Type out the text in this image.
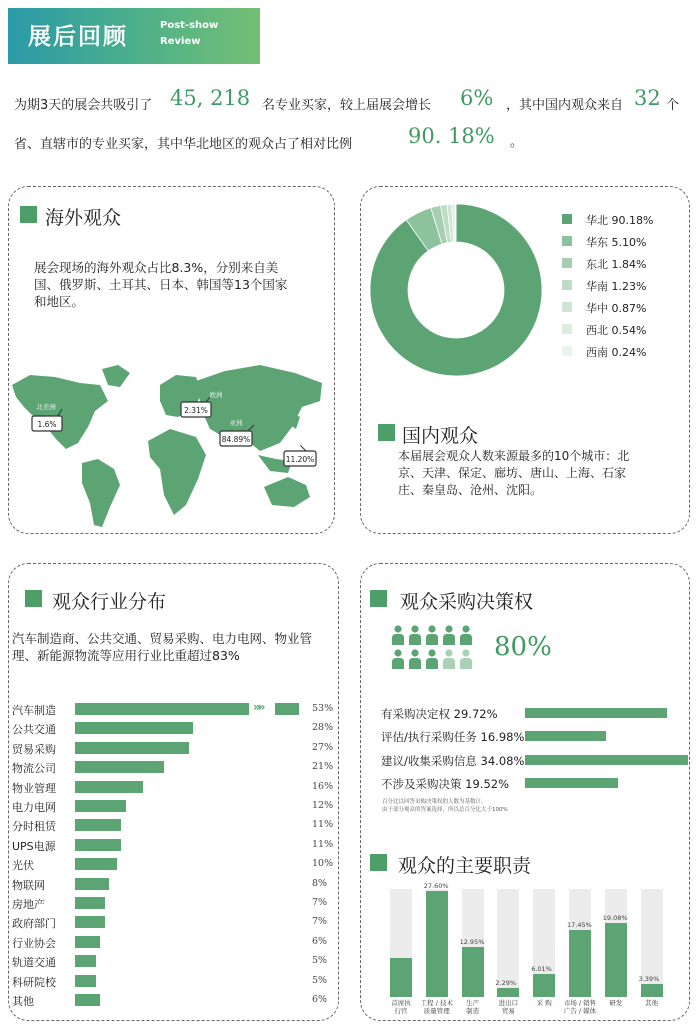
展后回顾	Post-show
Review
为期3天的展会共吸引了 45, 218 名专业买家，较上届展会增长 6% ，其中国内观众来自 32 个
省、直辖市的专业买家，其中华北地区的观众占了相对比例	90. 18% 。
海外观众
展会现场的海外观众占比8.3%，分别来自美国、俄罗斯、土耳其、日本、韩国等13个国家和地区。
北美洲
1.6%
欧洲
2.31%
亚洲
84.89%	港澳台
11.20%
国内观众
本届展会观众人数来源最多的10个城市：北京、天津、保定、廊坊、唐山、上海、石家庄、秦皇岛、沧州、沈阳。
观众行业分布
汽车制造商、公共交通、贸易采购、电力电网、物业管理、新能源物流等应用行业比重超过83%
观众采购决策权
80%
百分比以回答采购决策权的人数为基数计，
由于部分观众的答案选择，所以总百分比大于100%
观众的主要职责
华北 90.18%
华东 5.10%
东北 1.84%
华南 1.23%
华中 0.87%
西北 0.54%
西南 0.24%
汽车制造	»»	53%
公共交通	28%
贸易采购	27%
物流公司	21%
物业管理	16%
电力电网	12%
分时租赁	11%
UPS电源	11%
光伏	10%
物联网	8%
房地产	7%
政府部门	7%
行业协会	6%
轨道交通	5%
科研院校	5%
其他	6%
有采购决定权 29.72%
评估/执行采购任务 16.98%
建议/收集采购信息 34.08%
不涉及采购决策 19.52%
首席执
行官
27.60%
工程 / 技术
质量管理
12.95%
生产
制造
2.29%
进出口
贸易
6.01%
采 购
17.45%
市场 / 销售
广告 / 媒体
19.08%
研发
3.39%
其他
